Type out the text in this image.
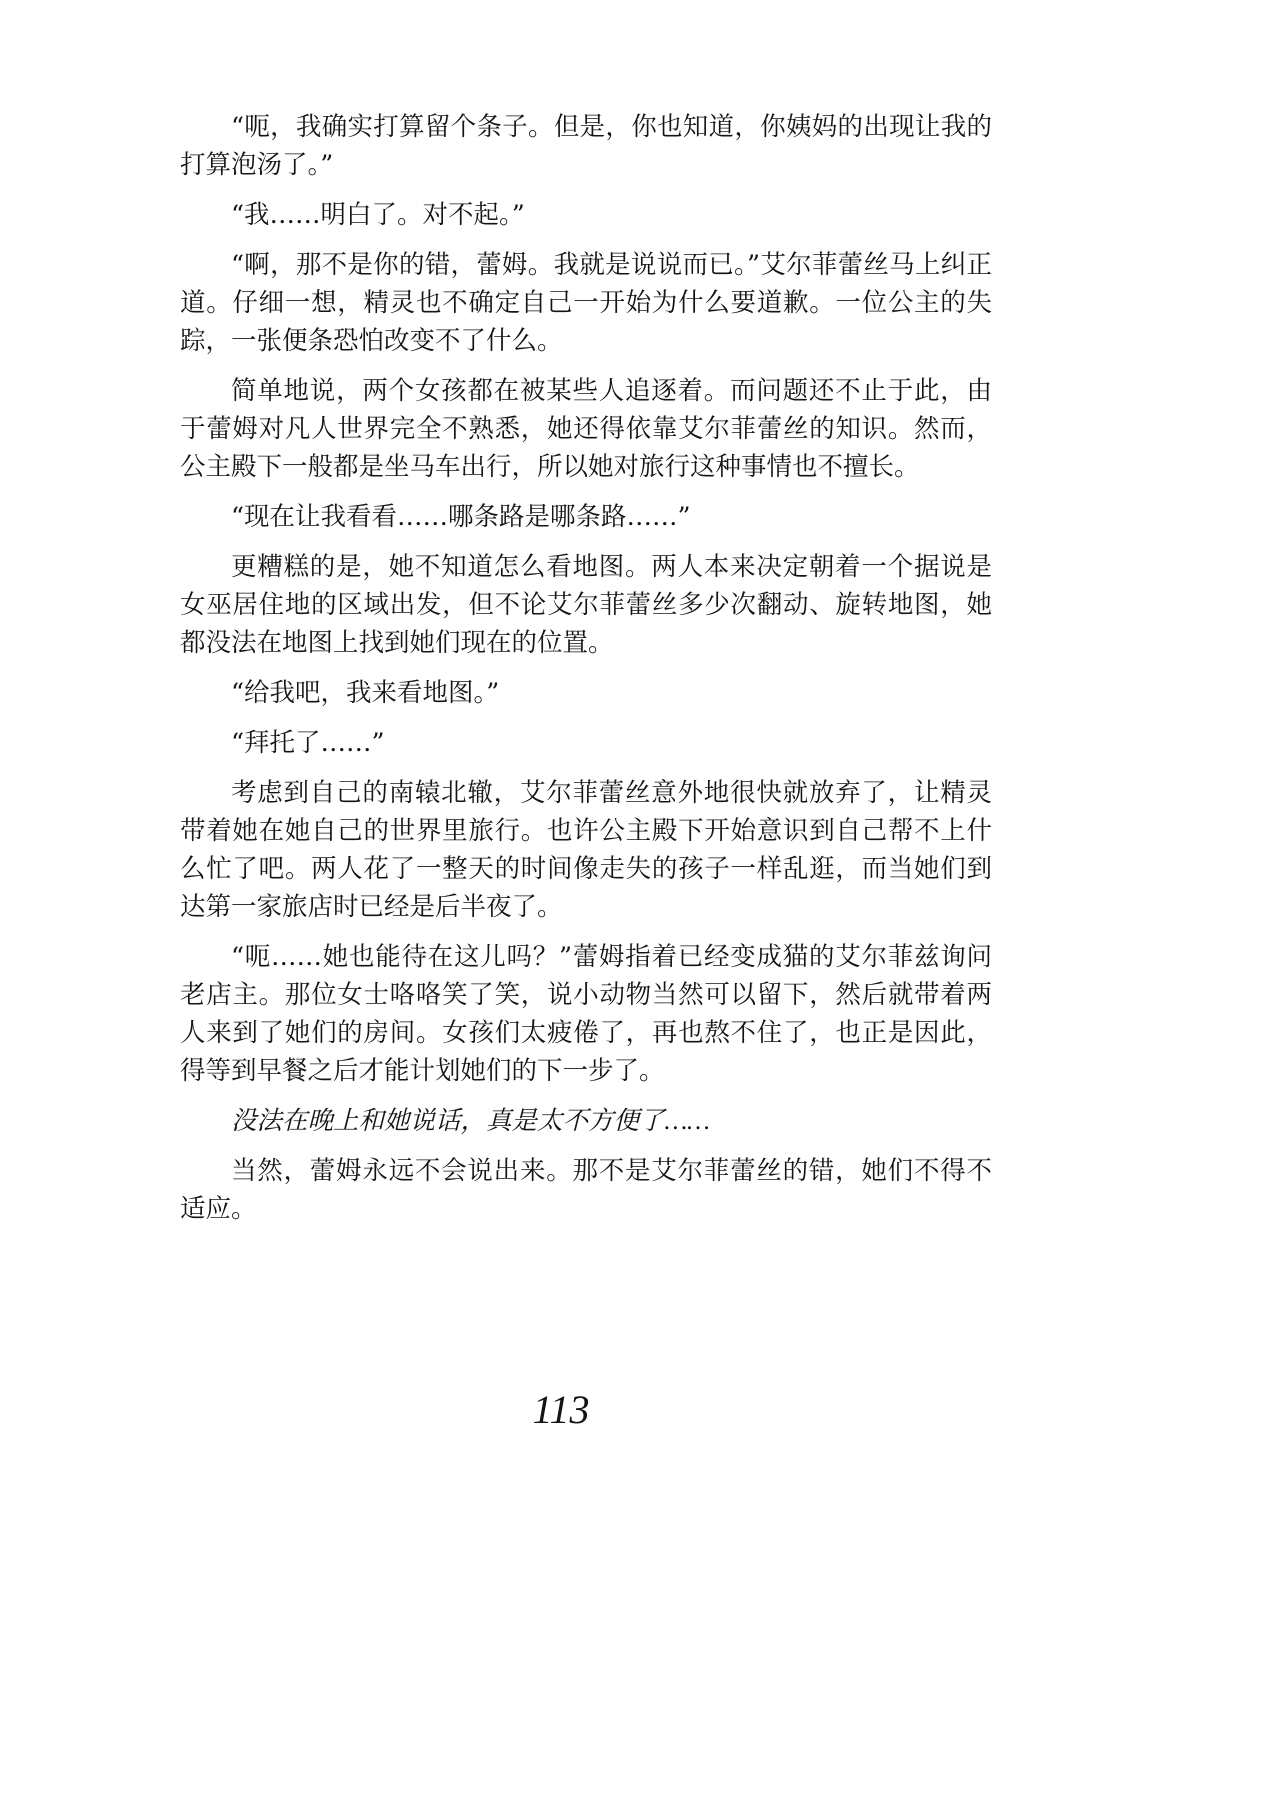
“呃，我确实打算留个条子。但是，你也知道，你姨妈的出现让我的打算泡汤了。”

“我……明白了。对不起。”

“啊，那不是你的错，蕾姆。我就是说说而已。”艾尔菲蕾丝马上纠正道。仔细一想，精灵也不确定自己一开始为什么要道歉。一位公主的失踪，一张便条恐怕改变不了什么。

简单地说，两个女孩都在被某些人追逐着。而问题还不止于此，由于蕾姆对凡人世界完全不熟悉，她还得依靠艾尔菲蕾丝的知识。然而，公主殿下一般都是坐马车出行，所以她对旅行这种事情也不擅长。

“现在让我看看……哪条路是哪条路……”

更糟糕的是，她不知道怎么看地图。两人本来决定朝着一个据说是女巫居住地的区域出发，但不论艾尔菲蕾丝多少次翻动、旋转地图，她都没法在地图上找到她们现在的位置。

“给我吧，我来看地图。”

“拜托了……”

考虑到自己的南辕北辙，艾尔菲蕾丝意外地很快就放弃了，让精灵带着她在她自己的世界里旅行。也许公主殿下开始意识到自己帮不上什么忙了吧。两人花了一整天的时间像走失的孩子一样乱逛，而当她们到达第一家旅店时已经是后半夜了。

“呃……她也能待在这儿吗？”蕾姆指着已经变成猫的艾尔菲兹询问老店主。那位女士咯咯笑了笑，说小动物当然可以留下，然后就带着两人来到了她们的房间。女孩们太疲倦了，再也熬不住了，也正是因此，得等到早餐之后才能计划她们的下一步了。

没法在晚上和她说话，真是太不方便了……

当然，蕾姆永远不会说出来。那不是艾尔菲蕾丝的错，她们不得不适应。

113
